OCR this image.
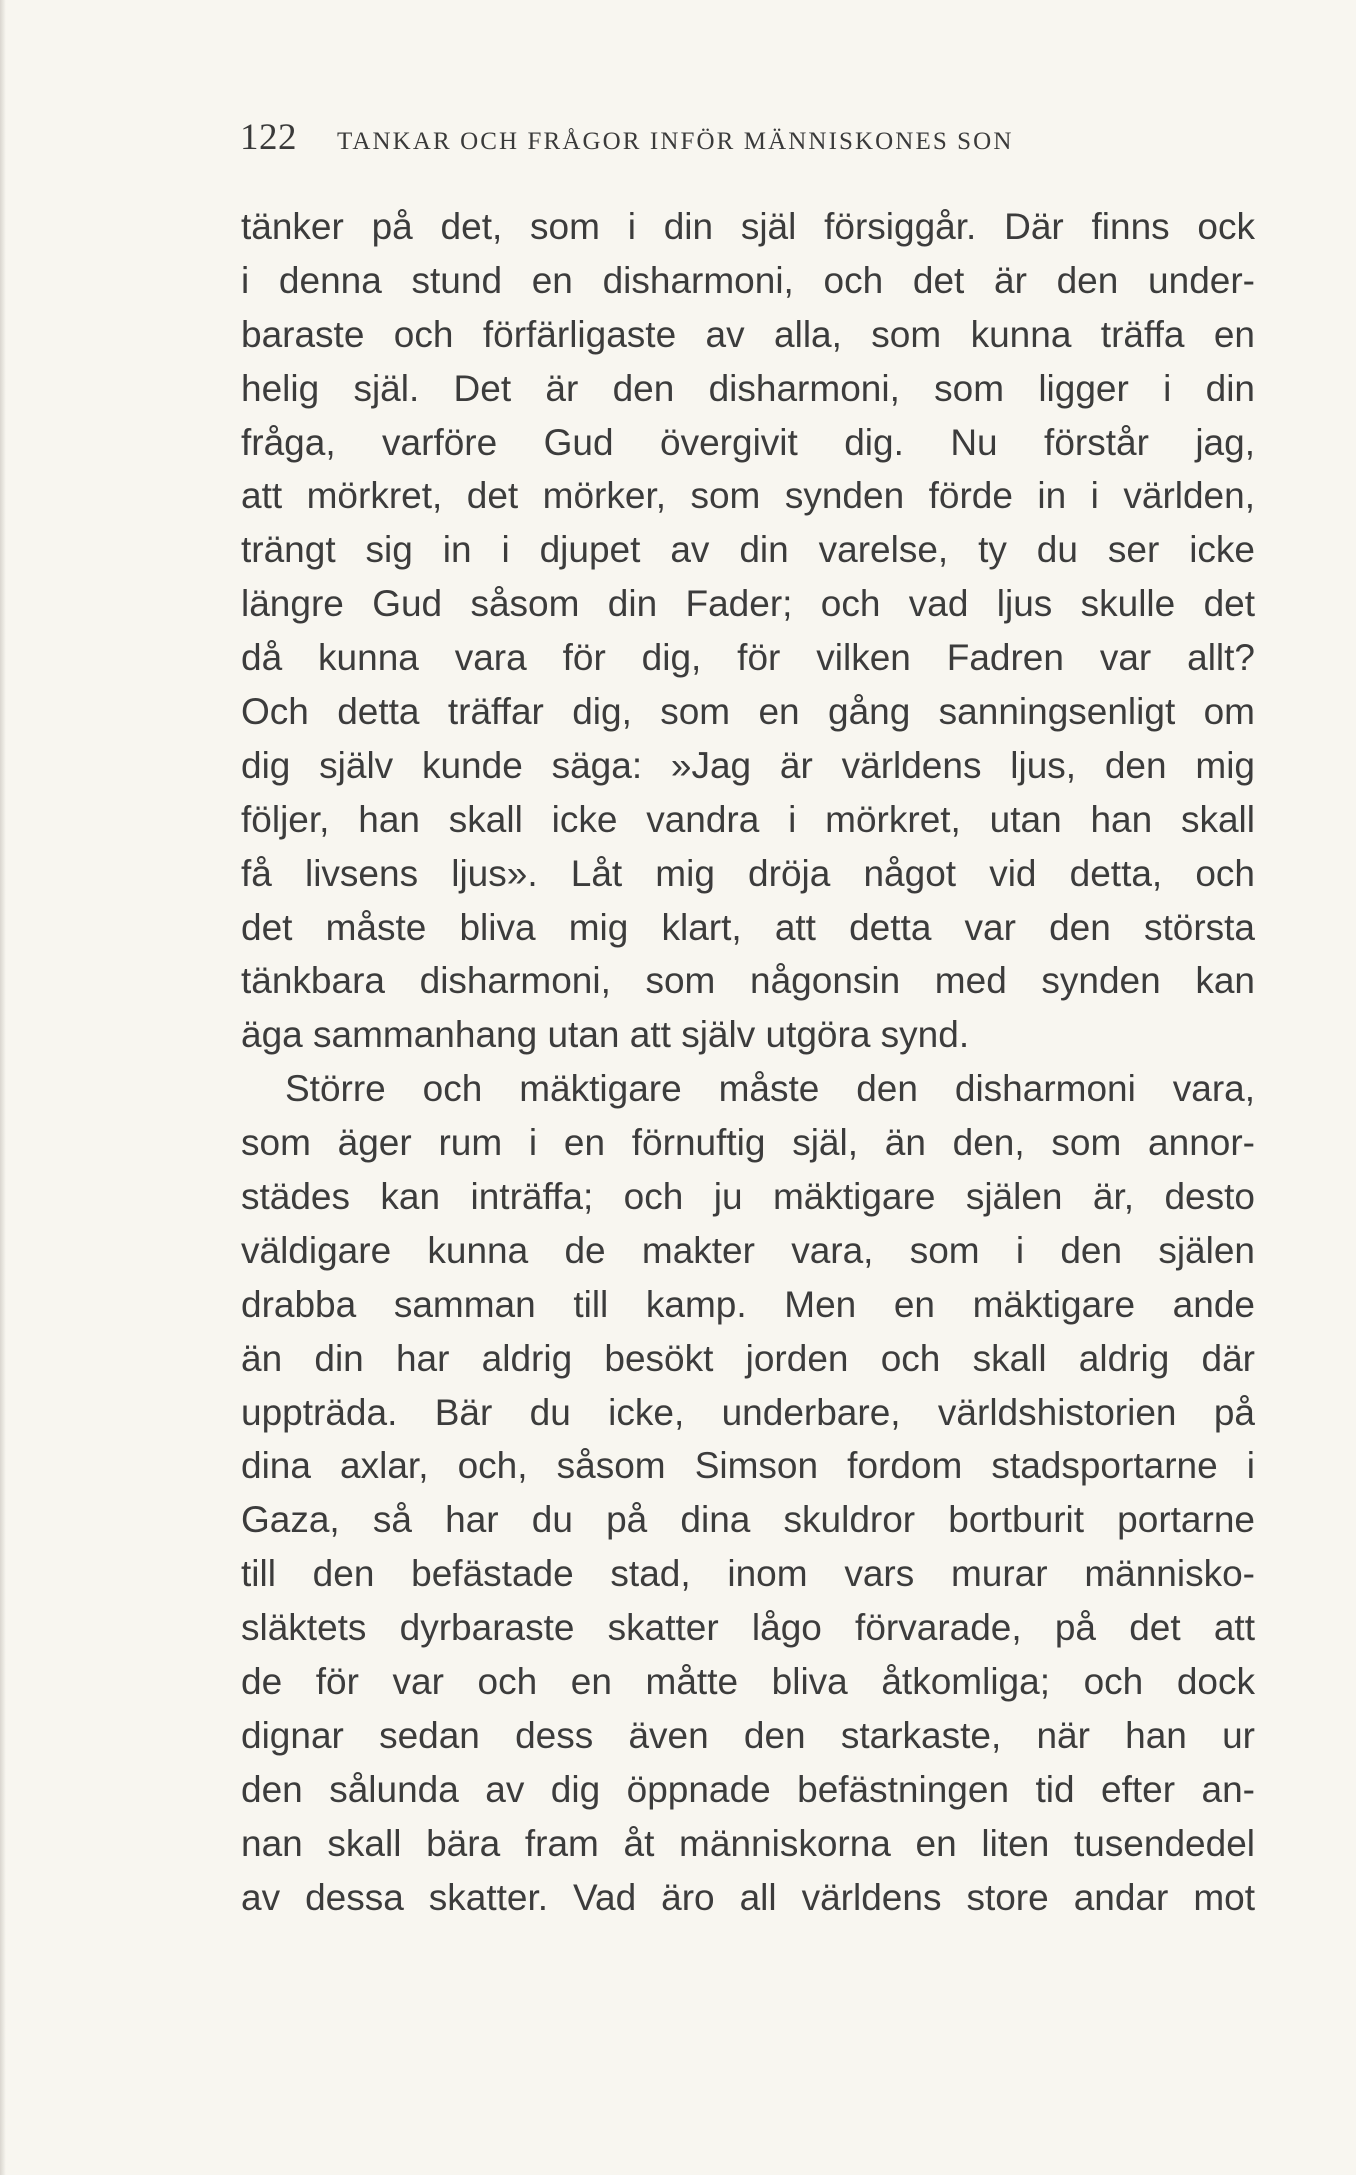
122 TANKAR OCH FRÅGOR INFÖR MÄNNISKONES SON
tänker på det, som i din själ försiggår. Där finns ock
i denna stund en disharmoni, och det är den under-
baraste och förfärligaste av alla, som kunna träffa en
helig själ. Det är den disharmoni, som ligger i din
fråga, varföre Gud övergivit dig. Nu förstår jag,
att mörkret, det mörker, som synden förde in i världen,
trängt sig in i djupet av din varelse, ty du ser icke
längre Gud såsom din Fader; och vad ljus skulle det
då kunna vara för dig, för vilken Fadren var allt?
Och detta träffar dig, som en gång sanningsenligt om
dig själv kunde säga: »Jag är världens ljus, den mig
följer, han skall icke vandra i mörkret, utan han skall
få livsens ljus». Låt mig dröja något vid detta, och
det måste bliva mig klart, att detta var den största
tänkbara disharmoni, som någonsin med synden kan
äga sammanhang utan att själv utgöra synd.
Större och mäktigare måste den disharmoni vara,
som äger rum i en förnuftig själ, än den, som annor-
städes kan inträffa; och ju mäktigare själen är, desto
väldigare kunna de makter vara, som i den själen
drabba samman till kamp. Men en mäktigare ande
än din har aldrig besökt jorden och skall aldrig där
uppträda. Bär du icke, underbare, världshistorien på
dina axlar, och, såsom Simson fordom stadsportarne i
Gaza, så har du på dina skuldror bortburit portarne
till den befästade stad, inom vars murar människo-
släktets dyrbaraste skatter lågo förvarade, på det att
de för var och en måtte bliva åtkomliga; och dock
dignar sedan dess även den starkaste, när han ur
den sålunda av dig öppnade befästningen tid efter an-
nan skall bära fram åt människorna en liten tusendedel
av dessa skatter. Vad äro all världens store andar mot
